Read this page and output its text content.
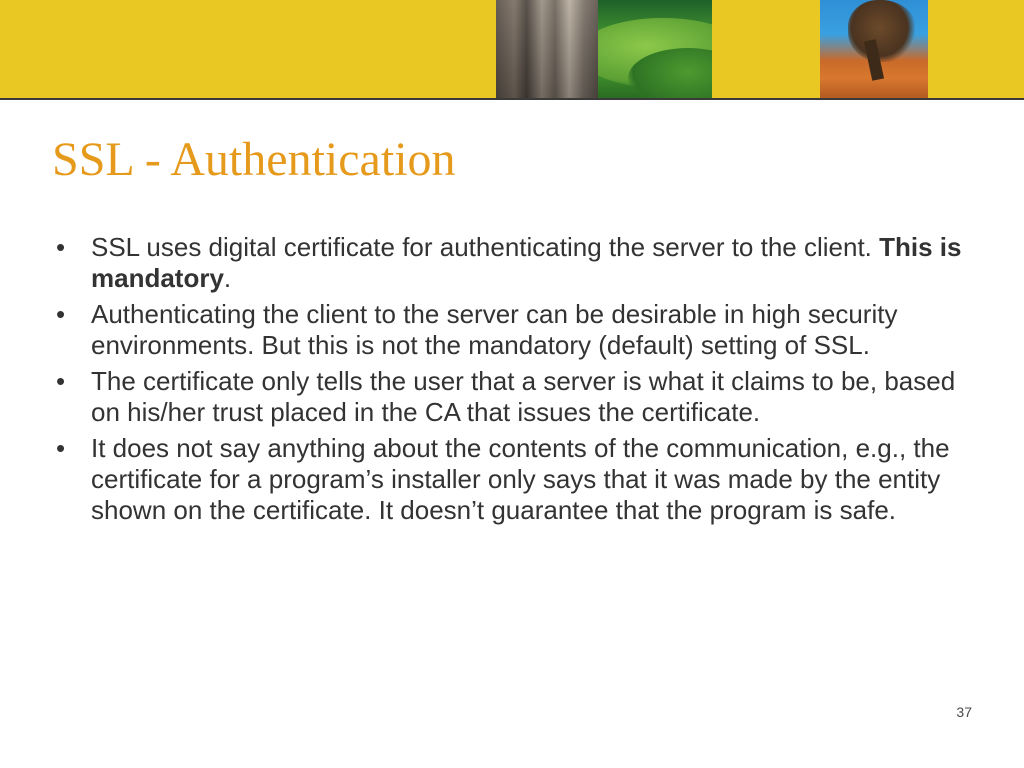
SSL - Authentication
• SSL uses digital certificate for authenticating the server to the client. This is mandatory.
• Authenticating the client to the server can be desirable in high security environments. But this is not the mandatory (default) setting of SSL.
• The certificate only tells the user that a server is what it claims to be, based on his/her trust placed in the CA that issues the certificate.
• It does not say anything about the contents of the communication, e.g., the certificate for a program’s installer only says that it was made by the entity shown on the certificate. It doesn’t guarantee that the program is safe.
37
